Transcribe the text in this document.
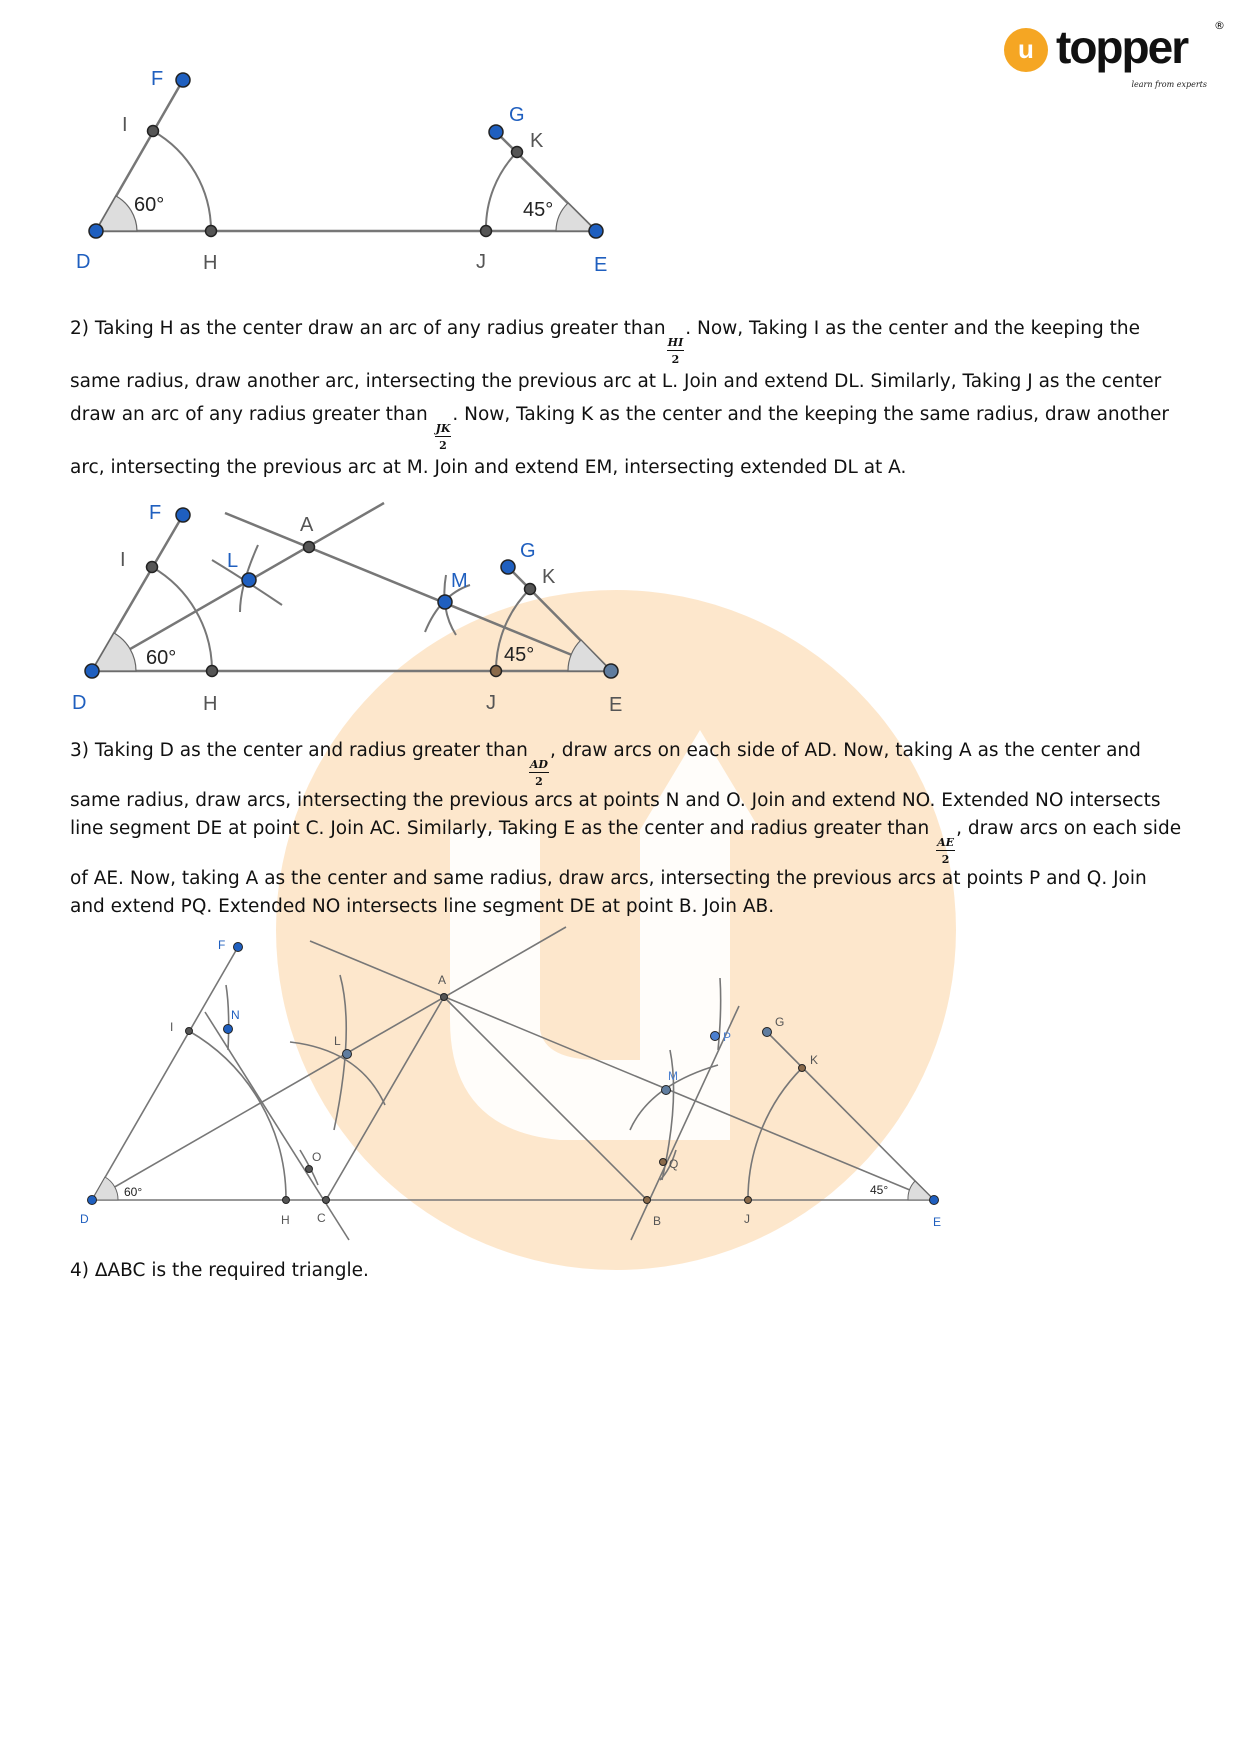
u topper ®
learn from experts
D	H	J	E
F
I	G
K
60°	45°

2) Taking H as the center draw an arc of any radius greater than
$\frac{HI}{2}$
. Now, Taking I as the center and the keeping the same radius, draw another arc, intersecting the previous arc at L. Join and extend DL. Similarly, Taking J as the center draw an arc of any radius greater than
$\frac{JK}{2}$
. Now, Taking K as the center and the keeping the same radius, draw another arc, intersecting the previous arc at M. Join and extend EM, intersecting extended DL at A.

D	H	J	E
F
I
A
L
M
G
K
60°	45°

3) Taking D as the center and radius greater than
$\frac{AD}{2}$
, draw arcs on each side of AD. Now, taking A as the center and same radius, draw arcs, intersecting the previous arcs at points N and O. Join and extend NO. Extended NO intersects line segment DE at point C. Join AC. Similarly, Taking E as the center and radius greater than
$\frac{AE}{2}$
, draw arcs on each side of AE. Now, taking A as the center and same radius, draw arcs, intersecting the previous arcs at points P and Q. Join and extend PQ. Extended NO intersects line segment DE at point B. Join AB.

D	H C	B	J	E
F
I
N
A
L
O
M
P
Q
G
K
60°	45°
4) ΔABC is the required triangle.
